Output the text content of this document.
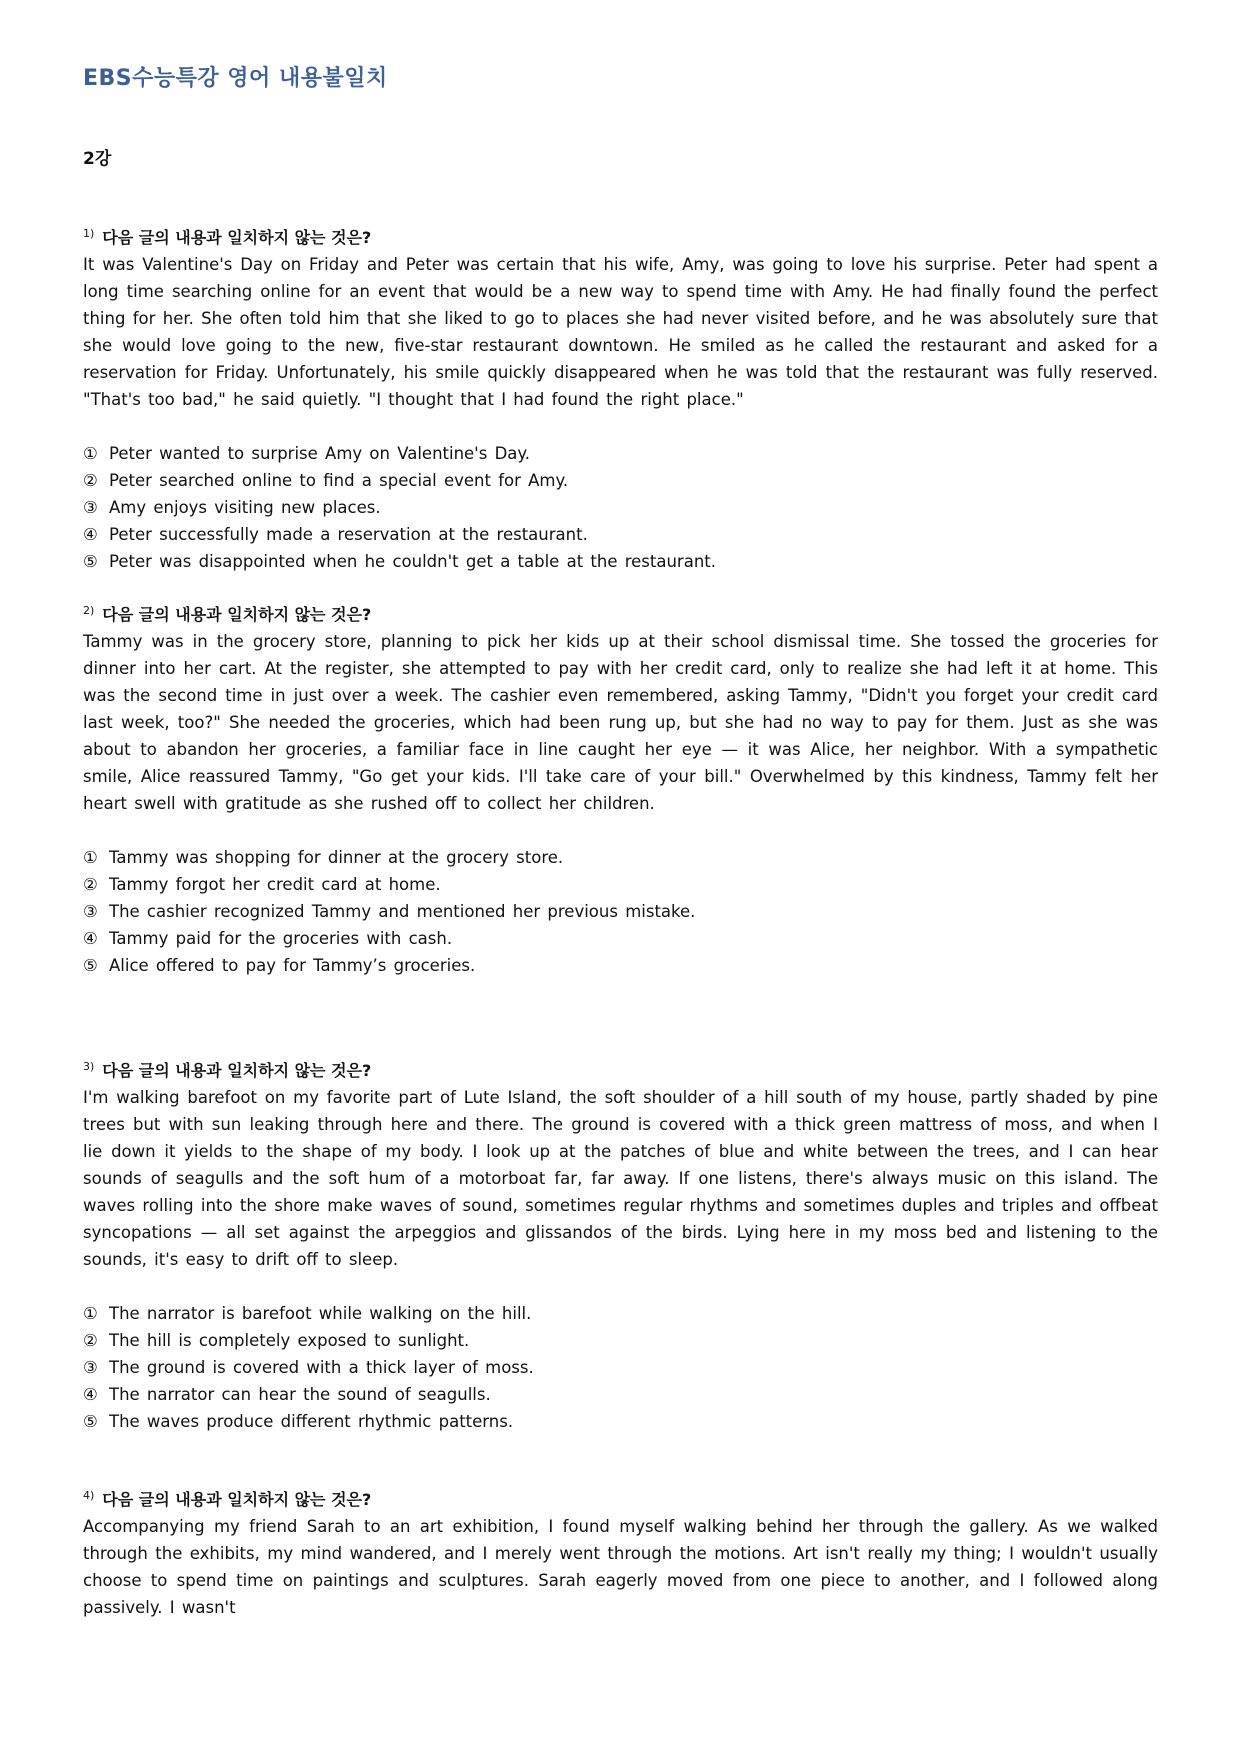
EBS수능특강 영어 내용불일치
2강
$^{1)}$ 다음 글의 내용과 일치하지 않는 것은?

It was Valentine's Day on Friday and Peter was certain that his wife, Amy, was going to love his surprise. Peter had spent a long time searching online for an event that would be a new way to spend time with Amy. He had finally found the perfect thing for her. She often told him that she liked to go to places she had never visited before, and he was absolutely sure that she would love going to the new, five-star restaurant downtown. He smiled as he called the restaurant and asked for a reservation for Friday. Unfortunately, his smile quickly disappeared when he was told that the restaurant was fully reserved. "That's too bad," he said quietly. "I thought that I had found the right place."

① Peter wanted to surprise Amy on Valentine's Day.
② Peter searched online to find a special event for Amy.
③ Amy enjoys visiting new places.
④ Peter successfully made a reservation at the restaurant.
⑤ Peter was disappointed when he couldn't get a table at the restaurant.
$^{2)}$ 다음 글의 내용과 일치하지 않는 것은?

Tammy was in the grocery store, planning to pick her kids up at their school dismissal time. She tossed the groceries for dinner into her cart. At the register, she attempted to pay with her credit card, only to realize she had left it at home. This was the second time in just over a week. The cashier even remembered, asking Tammy, "Didn't you forget your credit card last week, too?" She needed the groceries, which had been rung up, but she had no way to pay for them. Just as she was about to abandon her groceries, a familiar face in line caught her eye — it was Alice, her neighbor. With a sympathetic smile, Alice reassured Tammy, "Go get your kids. I'll take care of your bill." Overwhelmed by this kindness, Tammy felt her heart swell with gratitude as she rushed off to collect her children.

① Tammy was shopping for dinner at the grocery store.
② Tammy forgot her credit card at home.
③ The cashier recognized Tammy and mentioned her previous mistake.
④ Tammy paid for the groceries with cash.
⑤ Alice offered to pay for Tammy’s groceries.
$^{3)}$ 다음 글의 내용과 일치하지 않는 것은?

I'm walking barefoot on my favorite part of Lute Island, the soft shoulder of a hill south of my house, partly shaded by pine trees but with sun leaking through here and there. The ground is covered with a thick green mattress of moss, and when I lie down it yields to the shape of my body. I look up at the patches of blue and white between the trees, and I can hear sounds of seagulls and the soft hum of a motorboat far, far away. If one listens, there's always music on this island. The waves rolling into the shore make waves of sound, sometimes regular rhythms and sometimes duples and triples and offbeat syncopations — all set against the arpeggios and glissandos of the birds. Lying here in my moss bed and listening to the sounds, it's easy to drift off to sleep.

① The narrator is barefoot while walking on the hill.
② The hill is completely exposed to sunlight.
③ The ground is covered with a thick layer of moss.
④ The narrator can hear the sound of seagulls.
⑤ The waves produce different rhythmic patterns.
$^{4)}$ 다음 글의 내용과 일치하지 않는 것은?

Accompanying my friend Sarah to an art exhibition, I found myself walking behind her through the gallery. As we walked through the exhibits, my mind wandered, and I merely went through the motions. Art isn't really my thing; I wouldn't usually choose to spend time on paintings and sculptures. Sarah eagerly moved from one piece to another, and I followed along passively. I wasn't
